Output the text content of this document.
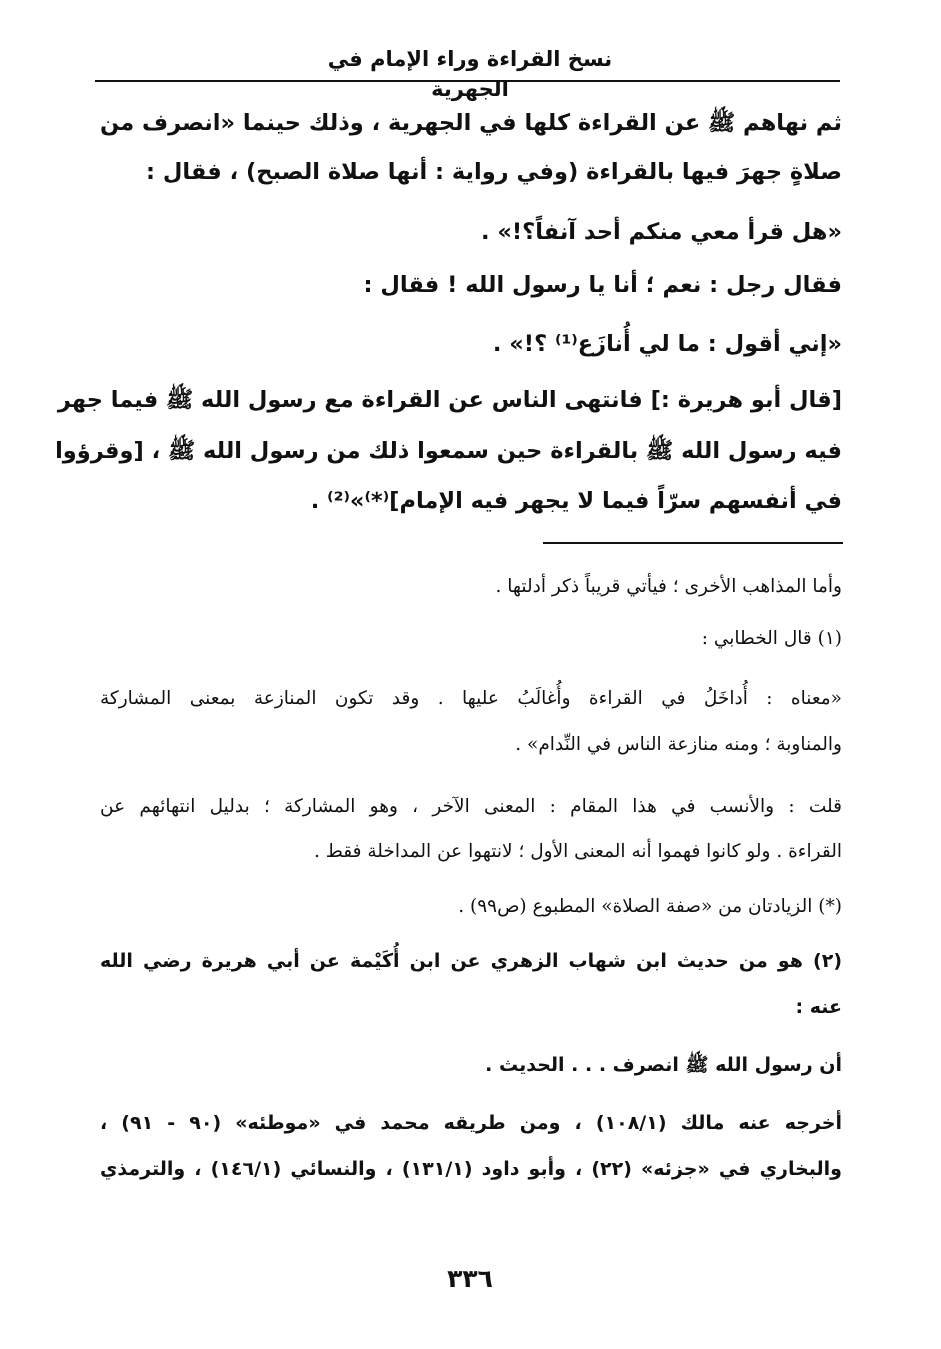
نسخ القراءة وراء الإمام في الجهرية
ثم نهاهم ﷺ عن القراءة كلها في الجهرية ، وذلك حينما «انصرف من
صلاةٍ جهرَ فيها بالقراءة (وفي رواية : أنها صلاة الصبح) ، فقال :
«هل قرأ معي منكم أحد آنفاً؟!» .
فقال رجل : نعم ؛ أنا يا رسول الله ! فقال :
«إني أقول : ما لي أُنازَع⁽¹⁾ ؟!» .
[قال أبو هريرة :] فانتهى الناس عن القراءة مع رسول الله ﷺ فيما جهر
فيه رسول الله ﷺ بالقراءة حين سمعوا ذلك من رسول الله ﷺ ، [وقرؤوا
في أنفسهم سرّاً فيما لا يجهر فيه الإمام]⁽*⁾»⁽²⁾ .
وأما المذاهب الأخرى ؛ فيأتي قريباً ذكر أدلتها .
(١) قال الخطابي :
«معناه : أُداخَلُ في القراءة وأُغالَبُ عليها . وقد تكون المنازعة بمعنى المشاركة
والمناوبة ؛ ومنه منازعة الناس في النِّدام» .
قلت : والأنسب في هذا المقام : المعنى الآخر ، وهو المشاركة ؛ بدليل انتهائهم عن
القراءة . ولو كانوا فهموا أنه المعنى الأول ؛ لانتهوا عن المداخلة فقط .
(*) الزيادتان من «صفة الصلاة» المطبوع (ص٩٩) .
(٢) هو من حديث ابن شهاب الزهري عن ابن أُكَيْمة عن أبي هريرة رضي الله
عنه :
أن رسول الله ﷺ انصرف . . . الحديث .
أخرجه عنه مالك (١٠٨/١) ، ومن طريقه محمد في «موطئه» (٩٠ - ٩١) ،
والبخاري في «جزئه» (٢٢) ، وأبو داود (١٣١/١) ، والنسائي (١٤٦/١) ، والترمذي
٣٣٦
